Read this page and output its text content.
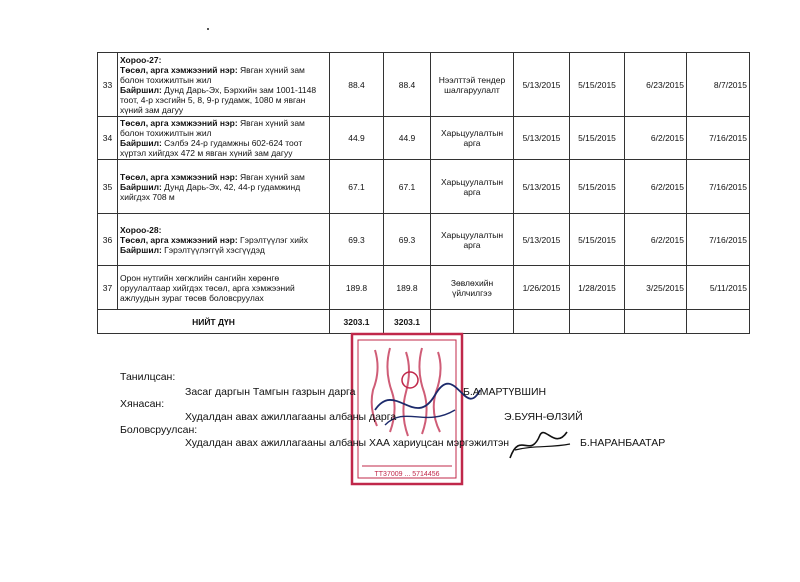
33	Хороо-27:
Төсөл, арга хэмжээний нэр: Явган хүний зам болон тохижилтын жил
Байршил: Дунд Дарь-Эх, Бэрхийн зам 1001-1148 тоот, 4-р хэсгийн 5, 8, 9-р гудамж, 1080 м явган хүний зам дагуу	88.4	88.4	Нээлттэй тендер шалгаруулалт	5/13/2015	5/15/2015	6/23/2015	8/7/2015
34	Төсөл, арга хэмжээний нэр: Явган хүний зам болон тохижилтын жил
Байршил: Сэлбэ 24-р гудамжны 602-624 тоот хүртэл хийгдэх 472 м явган хүний зам дагуу	44.9	44.9	Харьцуулалтын арга	5/13/2015	5/15/2015	6/2/2015	7/16/2015
35	Төсөл, арга хэмжээний нэр: Явган хүний зам
Байршил: Дунд Дарь-Эх, 42, 44-р гудамжинд хийгдэх 708 м	67.1	67.1	Харьцуулалтын арга	5/13/2015	5/15/2015	6/2/2015	7/16/2015
36	Хороо-28:
Төсөл, арга хэмжээний нэр: Гэрэлтүүлэг хийх
Байршил: Гэрэлтүүлэггүй хэсгүүдэд	69.3	69.3	Харьцуулалтын арга	5/13/2015	5/15/2015	6/2/2015	7/16/2015
37	Орон нутгийн хөгжлийн сангийн хөрөнгө оруулалтаар хийгдэх төсөл, арга хэмжээний ажлуудын зураг төсөв боловсруулах	189.8	189.8	Зөвлөхийн үйлчилгээ	1/26/2015	1/28/2015	3/25/2015	5/11/2015
НИЙТ ДҮН		3203.1	3203.1					
ТТ37009 ... 5714456
Танилцсан:
Засаг даргын Тамгын газрын дарга	Б.АМАРТҮВШИН
Хянасан:
Худалдан авах ажиллагааны албаны дарга	Э.БУЯН-ӨЛЗИЙ
Боловсруулсан:
Худалдан авах ажиллагааны албаны ХАА хариуцсан мэргэжилтэн	Б.НАРАНБААТАР
